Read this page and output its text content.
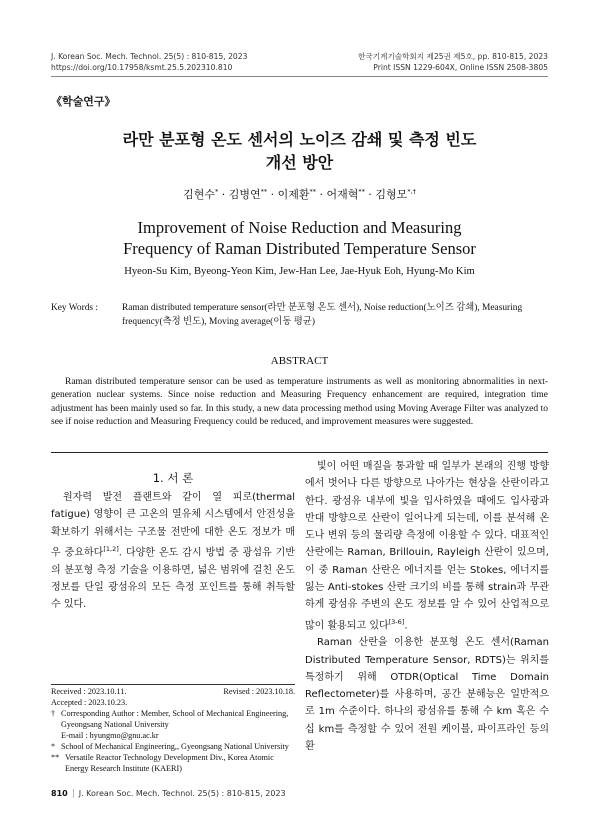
J. Korean Soc. Mech. Technol. 25(5) : 810-815, 2023
https://doi.org/10.17958/ksmt.25.5.202310.810
한국기계기술학회지 제25권 제5호, pp. 810-815, 2023
Print ISSN 1229-604X, Online ISSN 2508-3805
《학술연구》
라만 분포형 온도 센서의 노이즈 감쇄 및 측정 빈도
개선 방안
김현수* · 김병연** · 이제환** · 어재혁** · 김형모*,†
Improvement of Noise Reduction and Measuring
Frequency of Raman Distributed Temperature Sensor
Hyeon-Su Kim, Byeong-Yeon Kim, Jew-Han Lee, Jae-Hyuk Eoh, Hyung-Mo Kim
Key Words :	Raman distributed temperature sensor(라만 분포형 온도 센서), Noise reduction(노이즈 감쇄), Measuring frequency(측정 빈도), Moving average(이동 평균)
ABSTRACT
Raman distributed temperature sensor can be used as temperature instruments as well as monitoring abnormalities in next-generation nuclear systems. Since noise reduction and Measuring Frequency enhancement are required, integration time adjustment has been mainly used so far. In this study, a new data processing method using Moving Average Filter was analyzed to see if noise reduction and Measuring Frequency could be reduced, and improvement measures were suggested.
1. 서 론

원자력 발전 플랜트와 같이 열 피로(thermal fatigue) 영향이 큰 고온의 열유체 시스템에서 안전성을 확보하기 위해서는 구조물 전반에 대한 온도 정보가 매우 중요하다[1,2]. 다양한 온도 감시 방법 중 광섬유 기반의 분포형 측정 기술을 이용하면, 넓은 범위에 걸친 온도 정보를 단일 광섬유의 모든 측정 포인트를 통해 취득할 수 있다.

Received : 2023.10.11.	Revised : 2023.10.18.
Accepted : 2023.10.23.
† Corresponding Author : Member, School of Mechanical Engineering, Gyeongsang National University
E-mail : hyungmo@gnu.ac.kr
* School of Mechanical Engineering,, Gyeongsang National University
** Versatile Reactor Technology Development Div., Korea Atomic Energy Research Institute (KAERI)

빛이 어떤 매질을 통과할 때 일부가 본래의 진행 방향에서 벗어나 다른 방향으로 나아가는 현상을 산란이라고 한다. 광섬유 내부에 빛을 입사하였을 때에도 입사광과 반대 방향으로 산란이 일어나게 되는데, 이를 분석해 온도나 변위 등의 물리량 측정에 이용할 수 있다. 대표적인 산란에는 Raman, Brillouin, Rayleigh 산란이 있으며, 이 중 Raman 산란은 에너지를 얻는 Stokes, 에너지를 잃는 Anti-stokes 산란 크기의 비를 통해 strain과 무관하게 광섬유 주변의 온도 정보를 알 수 있어 산업적으로 많이 활용되고 있다[3-6].

Raman 산란을 이용한 분포형 온도 센서(Raman Distributed Temperature Sensor, RDTS)는 위치를 특정하기 위해 OTDR(Optical Time Domain Reflectometer)를 사용하며, 공간 분해능은 일반적으로 1m 수준이다. 하나의 광섬유를 통해 수 km 혹은 수십 km를 측정할 수 있어 전원 케이블, 파이프라인 등의 환

810 J. Korean Soc. Mech. Technol. 25(5) : 810-815, 2023
